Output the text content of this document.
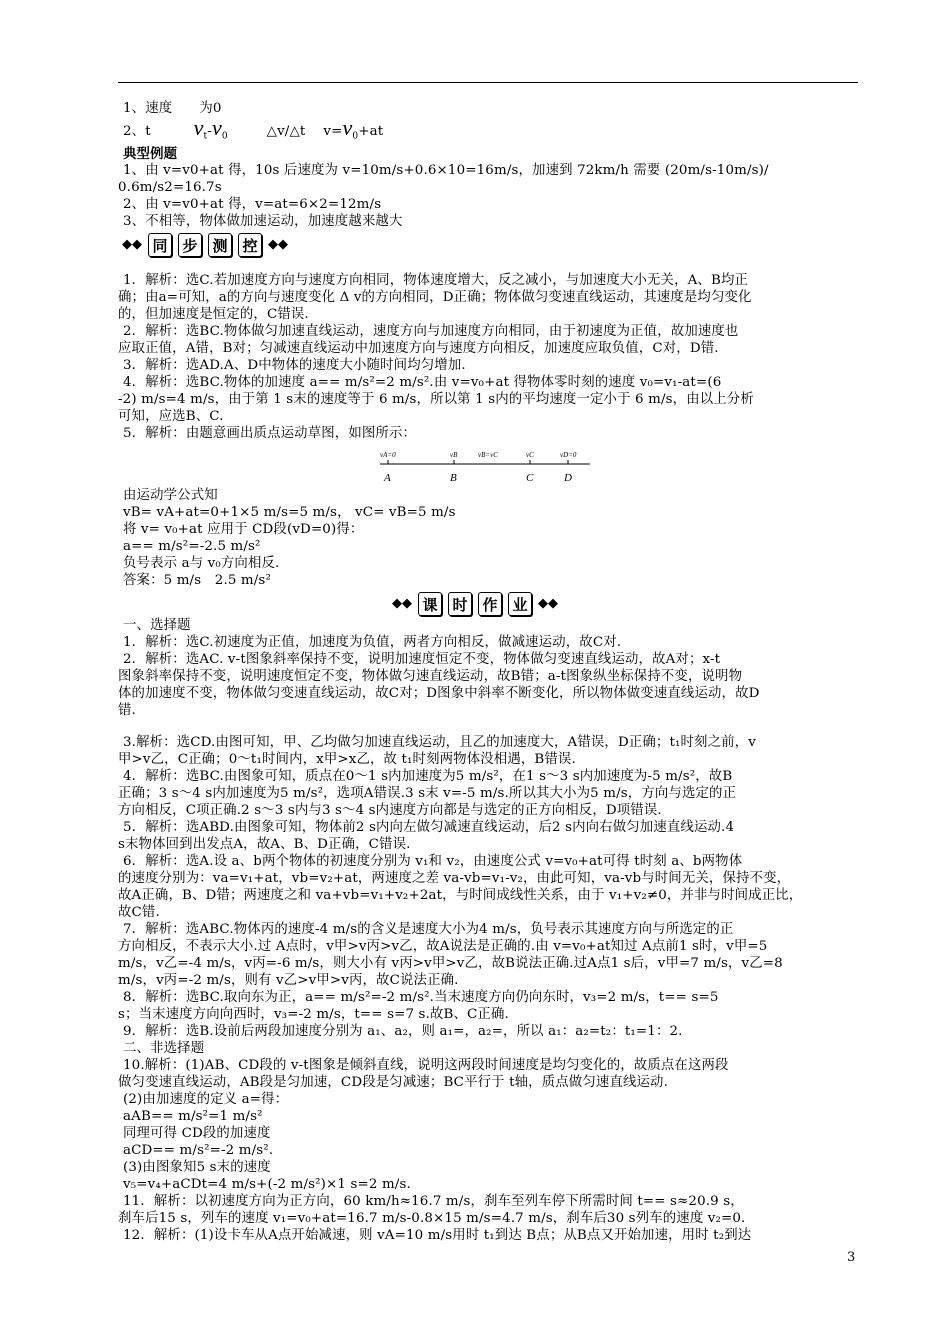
1、速度　　为0
2、t $v_t-v_0$	△v/△t　 $v=v_0+at$
典型例题
1、由 v=v0+at 得，10s 后速度为 v=10m/s+0.6×10=16m/s，加速到 72km/h 需要 (20m/s-10m/s)/
0.6m/s2=16.7s
2、由 v=v0+at 得，v=at=6×2=12m/s
3、不相等，物体做加速运动，加速度越来越大
◆◆ 同 步 测 控 ◆◆
1．解析：选C.若加速度方向与速度方向相同，物体速度增大，反之减小，与加速度大小无关，A、B均正
确；由a=可知，a的方向与速度变化 Δ v的方向相同，D正确；物体做匀变速直线运动，其速度是均匀变化
的，但加速度是恒定的，C错误.
2．解析：选BC.物体做匀加速直线运动，速度方向与加速度方向相同，由于初速度为正值，故加速度也
应取正值，A错，B对；匀减速直线运动中加速度方向与速度方向相反，加速度应取负值，C对，D错.
3．解析：选AD.A、D中物体的速度大小随时间均匀增加.
4．解析：选BC.物体的加速度 a== m/s²=2 m/s².由 v=v₀+at 得物体零时刻的速度 v₀=v₁-at=(6
-2) m/s=4 m/s，由于第 1 s末的速度等于 6 m/s，所以第 1 s内的平均速度一定小于 6 m/s，由以上分析
可知，应选B、C.
5．解析：由题意画出质点运动草图，如图所示：
vA=0	vB	vB=vC	vC	vD=0
A	B	C	D
由运动学公式知
vB= vA+at=0+1×5 m/s=5 m/s， vC= vB=5 m/s
将 v= v₀+at 应用于 CD段(vD=0)得：
a== m/s²=-2.5 m/s²
负号表示 a与 v₀方向相反.
答案：5 m/s　2.5 m/s²
◆◆ 课 时 作 业 ◆◆
一、选择题
1．解析：选C.初速度为正值，加速度为负值，两者方向相反，做减速运动，故C对.
2．解析：选AC. v-t图象斜率保持不变，说明加速度恒定不变，物体做匀变速直线运动，故A对；x-t
图象斜率保持不变，说明速度恒定不变，物体做匀速直线运动，故B错；a-t图象纵坐标保持不变，说明物
体的加速度不变，物体做匀变速直线运动，故C对；D图象中斜率不断变化，所以物体做变速直线运动，故D
错.
3.解析：选CD.由图可知，甲、乙均做匀加速直线运动，且乙的加速度大，A错误，D正确；t₁时刻之前，v
甲>v乙，C正确；0～t₁时间内，x甲>x乙，故 t₁时刻两物体没相遇，B错误.
4．解析：选BC.由图象可知，质点在0～1 s内加速度为5 m/s²，在1 s～3 s内加速度为-5 m/s²，故B
正确；3 s～4 s内加速度为5 m/s²，选项A错误.3 s末 v=-5 m/s.所以其大小为5 m/s，方向与选定的正
方向相反，C项正确.2 s～3 s内与3 s～4 s内速度方向都是与选定的正方向相反，D项错误.
5．解析：选ABD.由图象可知，物体前2 s内向左做匀减速直线运动，后2 s内向右做匀加速直线运动.4
s末物体回到出发点A，故A、B、D正确，C错误.
6．解析：选A.设 a、b两个物体的初速度分别为 v₁和 v₂，由速度公式 v=v₀+at可得 t时刻 a、b两物体
的速度分别为：va=v₁+at，vb=v₂+at，两速度之差 va-vb=v₁-v₂，由此可知，va-vb与时间无关，保持不变，
故A正确，B、D错；两速度之和 va+vb=v₁+v₂+2at，与时间成线性关系，由于 v₁+v₂≠0，并非与时间成正比，
故C错.
7．解析：选ABC.物体丙的速度-4 m/s的含义是速度大小为4 m/s，负号表示其速度方向与所选定的正
方向相反，不表示大小.过 A点时，v甲>v丙>v乙，故A说法是正确的.由 v=v₀+at知过 A点前1 s时，v甲=5
m/s，v乙=-4 m/s，v丙=-6 m/s，则大小有 v丙>v甲>v乙，故B说法正确.过A点1 s后，v甲=7 m/s，v乙=8
m/s，v丙=-2 m/s，则有 v乙>v甲>v丙，故C说法正确.
8．解析：选BC.取向东为正，a== m/s²=-2 m/s².当末速度方向仍向东时，v₃=2 m/s，t== s=5
s；当末速度方向向西时，v₃=-2 m/s，t== s=7 s.故B、C正确.
9．解析：选B.设前后两段加速度分别为 a₁、a₂，则 a₁=，a₂=，所以 a₁：a₂=t₂：t₁=1：2.
二、非选择题
10.解析：(1)AB、CD段的 v-t图象是倾斜直线，说明这两段时间速度是均匀变化的，故质点在这两段
做匀变速直线运动，AB段是匀加速，CD段是匀减速；BC平行于 t轴，质点做匀速直线运动.
(2)由加速度的定义 a=得：
aAB== m/s²=1 m/s²
同理可得 CD段的加速度
aCD== m/s²=-2 m/s².
(3)由图象知5 s末的速度
v₅=v₄+aCDt=4 m/s+(-2 m/s²)×1 s=2 m/s.
11．解析：以初速度方向为正方向，60 km/h≈16.7 m/s，刹车至列车停下所需时间 t== s≈20.9 s，
刹车后15 s，列车的速度 v₁=v₀+at=16.7 m/s-0.8×15 m/s=4.7 m/s，刹车后30 s列车的速度 v₂=0.
12．解析：(1)设卡车从A点开始减速，则 vA=10 m/s用时 t₁到达 B点；从B点又开始加速，用时 t₂到达
3
